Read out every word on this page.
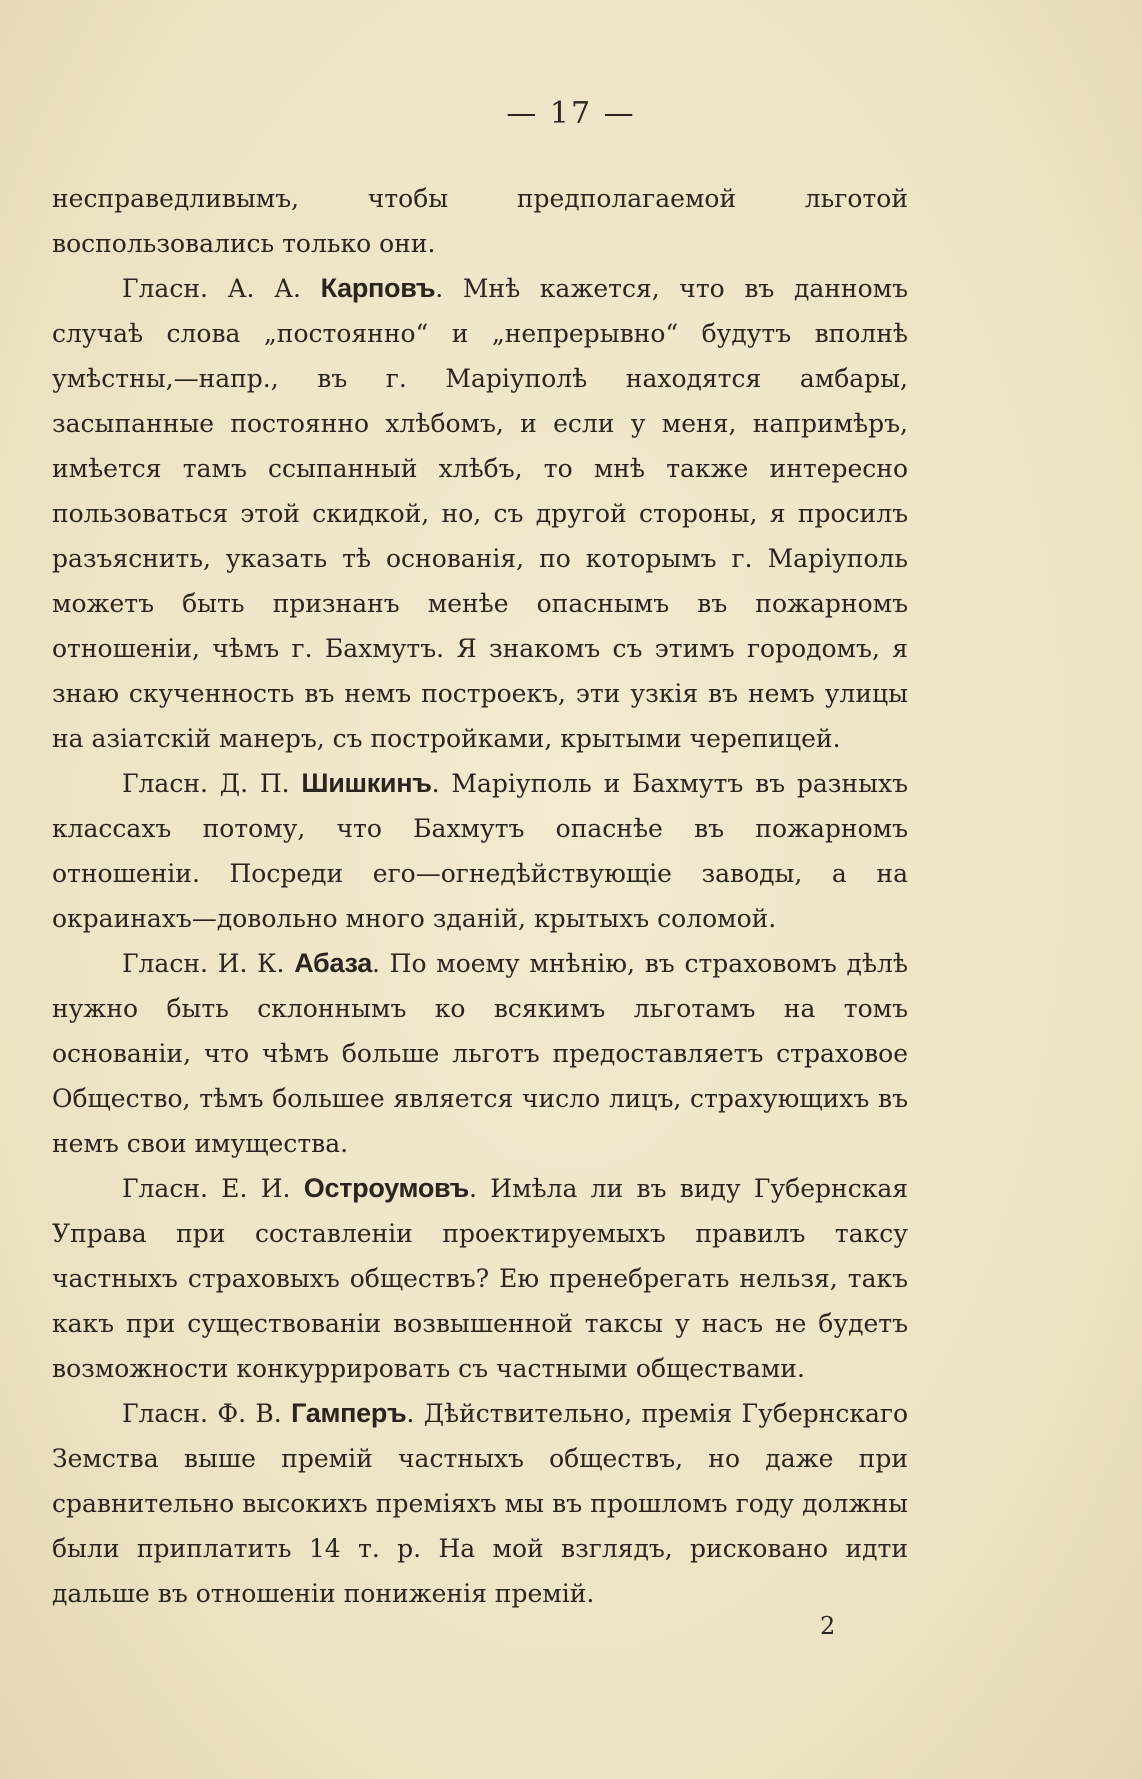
— 17 —

несправедливымъ, чтобы предполагаемой льготой воспользовались только они.

Гласн. А. А. Карповъ. Мнѣ кажется, что въ данномъ случаѣ слова „постоянно“ и „непрерывно“ будутъ вполнѣ умѣстны,—напр., въ г. Маріуполѣ находятся амбары, засыпанные постоянно хлѣбомъ, и если у меня, напримѣръ, имѣется тамъ ссыпанный хлѣбъ, то мнѣ также интересно пользоваться этой скидкой, но, съ другой стороны, я просилъ разъяснить, указать тѣ основанія, по которымъ г. Маріуполь можетъ быть признанъ менѣе опаснымъ въ пожарномъ отношеніи, чѣмъ г. Бахмутъ. Я знакомъ съ этимъ городомъ, я знаю скученность въ немъ построекъ, эти узкія въ немъ улицы на азіатскій манеръ, съ постройками, крытыми черепицей.

Гласн. Д. П. Шишкинъ. Маріуполь и Бахмутъ въ разныхъ классахъ потому, что Бахмутъ опаснѣе въ пожарномъ отношеніи. Посреди его—огнедѣйствующіе заводы, а на окраинахъ—довольно много зданій, крытыхъ соломой.

Гласн. И. К. Абаза. По моему мнѣнію, въ страховомъ дѣлѣ нужно быть склоннымъ ко всякимъ льготамъ на томъ основаніи, что чѣмъ больше льготъ предоставляетъ страховое Общество, тѣмъ большее является число лицъ, страхующихъ въ немъ свои имущества.

Гласн. Е. И. Остроумовъ. Имѣла ли въ виду Губернская Управа при составленіи проектируемыхъ правилъ таксу частныхъ страховыхъ обществъ? Ею пренебрегать нельзя, такъ какъ при существованіи возвышенной таксы у насъ не будетъ возможности конкуррировать съ частными обществами.

Гласн. Ф. В. Гамперъ. Дѣйствительно, премія Губернскаго Земства выше премій частныхъ обществъ, но даже при сравнительно высокихъ преміяхъ мы въ прошломъ году должны были приплатить 14 т. р. На мой взглядъ, рисковано идти дальше въ отношеніи пониженія премій.

2
